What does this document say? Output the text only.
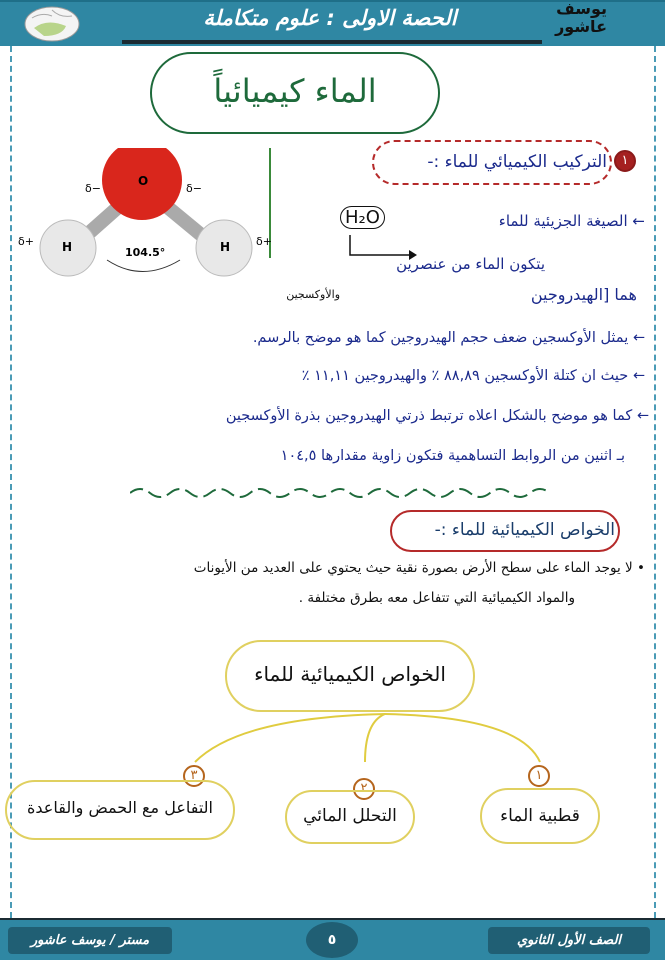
الحصة الاولى : علوم متكاملة	يوسف عاشور
الماء كيميائياً
O
H	H
δ−	δ−
δ+	δ+
104.5°
١
التركيب الكيميائي للماء :-
← الصيغة الجزيئية للماء
H₂O
يتكون الماء من عنصرين
هما [الهيدروجين
والأوكسجين
← يمثل الأوكسجين ضعف حجم الهيدروجين كما هو موضح بالرسم.
← حيث ان كتلة الأوكسجين ٨٨,٨٩ ٪ والهيدروجين ١١,١١ ٪
← كما هو موضح بالشكل اعلاه ترتبط ذرتي الهيدروجين بذرة الأوكسجين
بـ اثنين من الروابط التساهمية فتكون زاوية مقدارها ١٠٤,٥
الخواص الكيميائية للماء :-
• لا يوجد الماء على سطح الأرض بصورة نقية حيث يحتوي على العديد من الأيونات
والمواد الكيميائية التي تتفاعل معه بطرق مختلفة .
الخواص الكيميائية للماء
١
قطبية الماء
٢
التحلل المائي
٣
التفاعل مع الحمض والقاعدة
الصف الأول الثانوي
٥
مستر / يوسف عاشور
